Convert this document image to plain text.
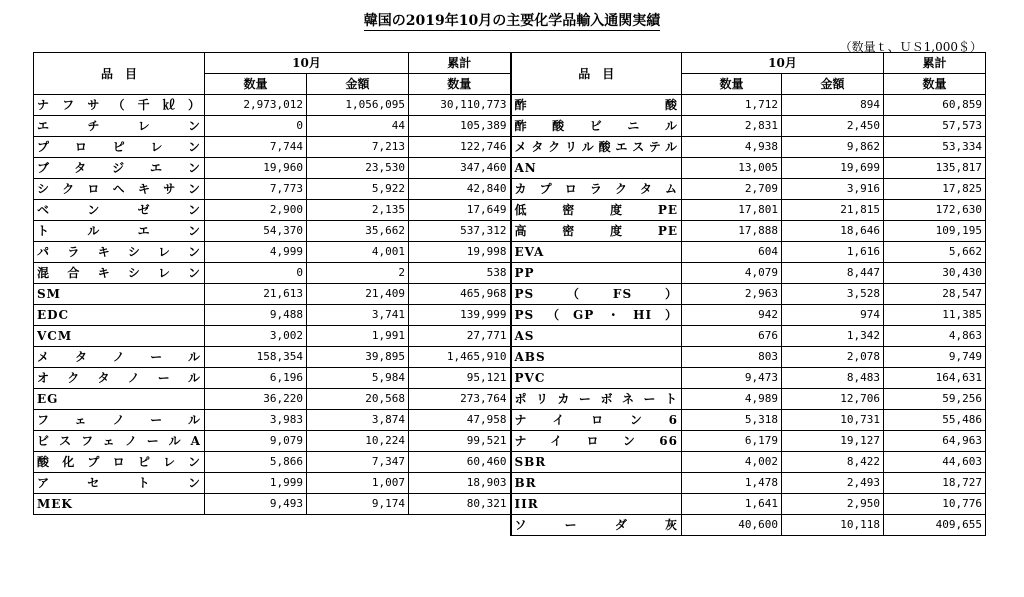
韓国の2019年10月の主要化学品輸入通関実績
（数量ｔ、ＵＳ1,000＄）
品　目	10月		累計	品　目	10月		累計
	数量	金額	数量		数量	金額	数量
ナフサ（千㎘）	2,973,012	1,056,095	30,110,773	酢酸	1,712	894	60,859
エチレン	0	44	105,389	酢酸ビニル	2,831	2,450	57,573
プロピレン	7,744	7,213	122,746	メタクリル酸エステル	4,938	9,862	53,334
ブタジエン	19,960	23,530	347,460	AN	13,005	19,699	135,817
シクロヘキサン	7,773	5,922	42,840	カプロラクタム	2,709	3,916	17,825
ベンゼン	2,900	2,135	17,649	低密度PE	17,801	21,815	172,630
トルエン	54,370	35,662	537,312	高密度PE	17,888	18,646	109,195
パラキシレン	4,999	4,001	19,998	EVA	604	1,616	5,662
混合キシレン	0	2	538	PP	4,079	8,447	30,430
SM	21,613	21,409	465,968	PS（FS）	2,963	3,528	28,547
EDC	9,488	3,741	139,999	PS（GP・HI）	942	974	11,385
VCM	3,002	1,991	27,771	AS	676	1,342	4,863
メタノール	158,354	39,895	1,465,910	ABS	803	2,078	9,749
オクタノール	6,196	5,984	95,121	PVC	9,473	8,483	164,631
EG	36,220	20,568	273,764	ポリカーボネート	4,989	12,706	59,256
フェノール	3,983	3,874	47,958	ナイロン6	5,318	10,731	55,486
ビスフェノールA	9,079	10,224	99,521	ナイロン66	6,179	19,127	64,963
酸化プロピレン	5,866	7,347	60,460	SBR	4,002	8,422	44,603
アセトン	1,999	1,007	18,903	BR	1,478	2,493	18,727
MEK	9,493	9,174	80,321	IIR	1,641	2,950	10,776
				ソーダ灰	40,600	10,118	409,655
